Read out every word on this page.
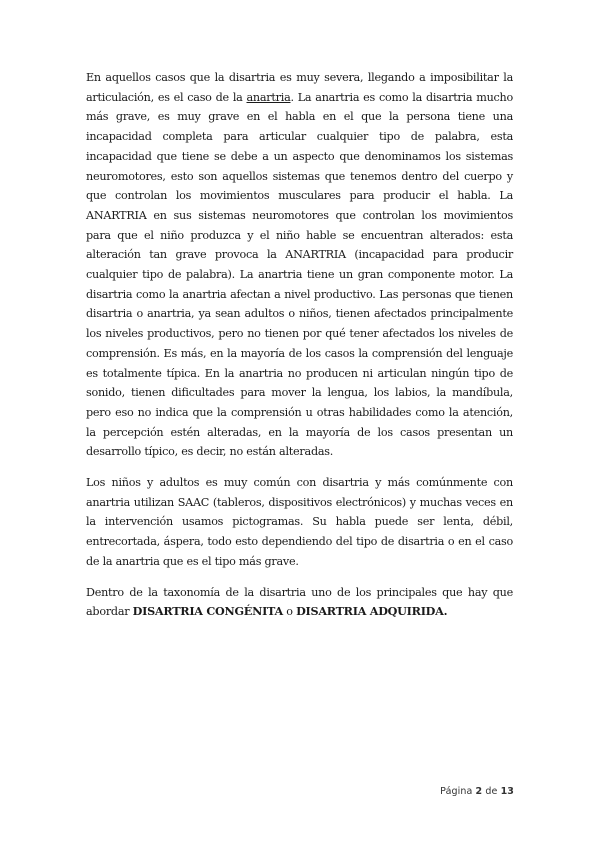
En aquellos casos que la disartria es muy severa, llegando a imposibilitar la articulación, es el caso de la anartria. La anartria es como la disartria mucho más grave, es muy grave en el habla en el que la persona tiene una incapacidad completa para articular cualquier tipo de palabra, esta incapacidad que tiene se debe a un aspecto que denominamos los sistemas neuromotores, esto son aquellos sistemas que tenemos dentro del cuerpo y que controlan los movimientos musculares para producir el habla. La ANARTRIA en sus sistemas neuromotores que controlan los movimientos para que el niño produzca y el niño hable se encuentran alterados: esta alteración tan grave provoca la ANARTRIA (incapacidad para producir cualquier tipo de palabra). La anartria tiene un gran componente motor. La disartria como la anartria afectan a nivel productivo. Las personas que tienen disartria o anartria, ya sean adultos o niños, tienen afectados principalmente los niveles productivos, pero no tienen por qué tener afectados los niveles de comprensión. Es más, en la mayoría de los casos la comprensión del lenguaje es totalmente típica. En la anartria no producen ni articulan ningún tipo de sonido, tienen dificultades para mover la lengua, los labios, la mandíbula, pero eso no indica que la comprensión u otras habilidades como la atención, la percepción estén alteradas, en la mayoría de los casos presentan un desarrollo típico, es decir, no están alteradas.

Los niños y adultos es muy común con disartria y más comúnmente con anartria utilizan SAAC (tableros, dispositivos electrónicos) y muchas veces en la intervención usamos pictogramas. Su habla puede ser lenta, débil, entrecortada, áspera, todo esto dependiendo del tipo de disartria o en el caso de la anartria que es el tipo más grave.

Dentro de la taxonomía de la disartria uno de los principales que hay que abordar DISARTRIA CONGÉNITA o DISARTRIA ADQUIRIDA.

Página 2 de 13
